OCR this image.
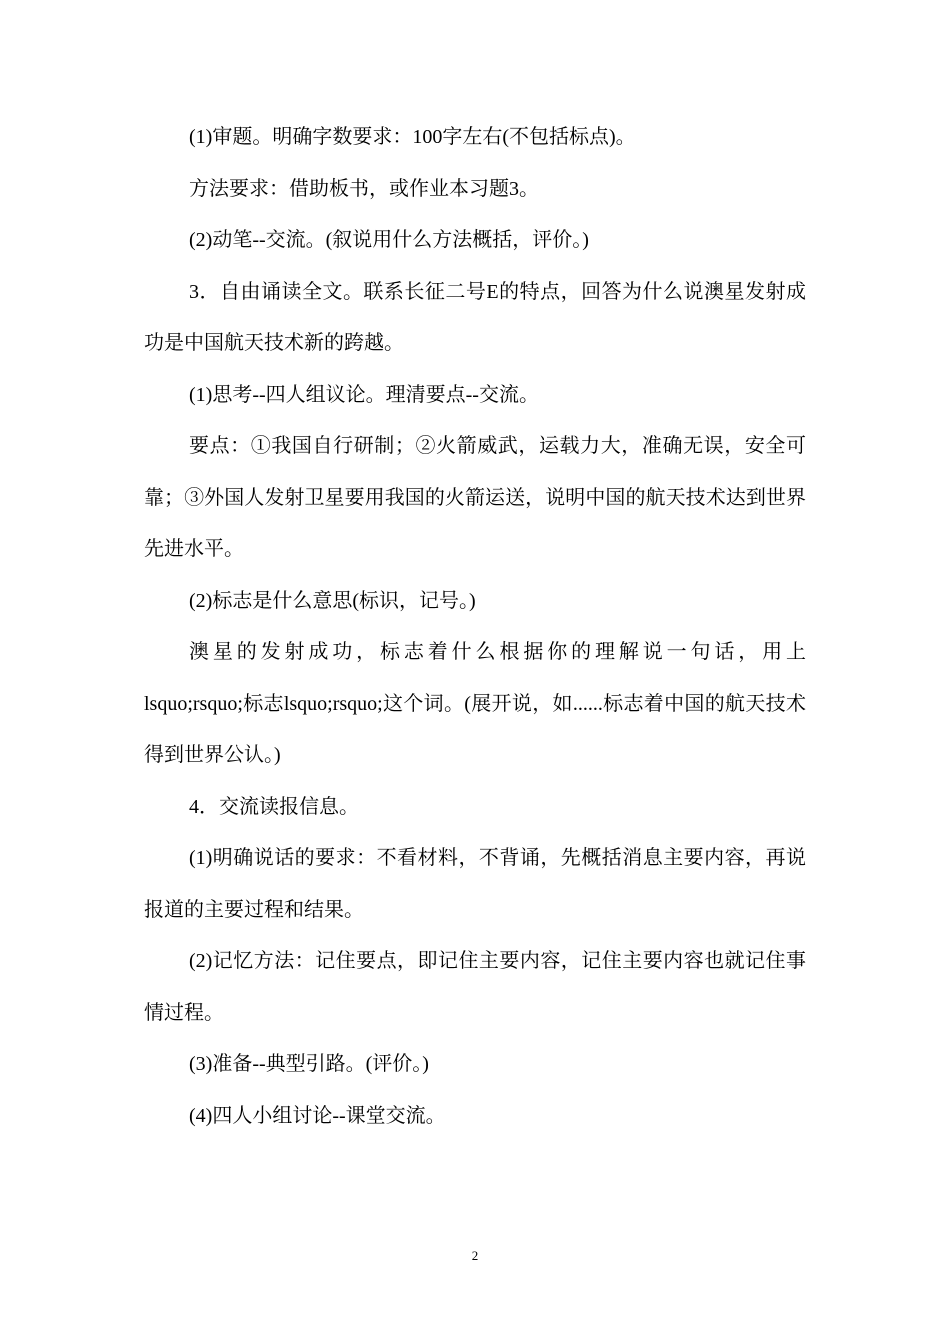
(1)审题。明确字数要求：100字左右(不包括标点)。

方法要求：借助板书，或作业本习题3。

(2)动笔--交流。(叙说用什么方法概括，评价。)

3．自由诵读全文。联系长征二号E的特点，回答为什么说澳星发射成功是中国航天技术新的跨越。

(1)思考--四人组议论。理清要点--交流。

要点：①我国自行研制；②火箭威武，运载力大，准确无误，安全可靠；③外国人发射卫星要用我国的火箭运送，说明中国的航天技术达到世界先进水平。

(2)标志是什么意思(标识，记号。)

澳星的发射成功，标志着什么根据你的理解说一句话，用上lsquo;rsquo;标志lsquo;rsquo;这个词。(展开说，如......标志着中国的航天技术得到世界公认。)

4．交流读报信息。

(1)明确说话的要求：不看材料，不背诵，先概括消息主要内容，再说报道的主要过程和结果。

(2)记忆方法：记住要点，即记住主要内容，记住主要内容也就记住事情过程。

(3)准备--典型引路。(评价。)

(4)四人小组讨论--课堂交流。

2
